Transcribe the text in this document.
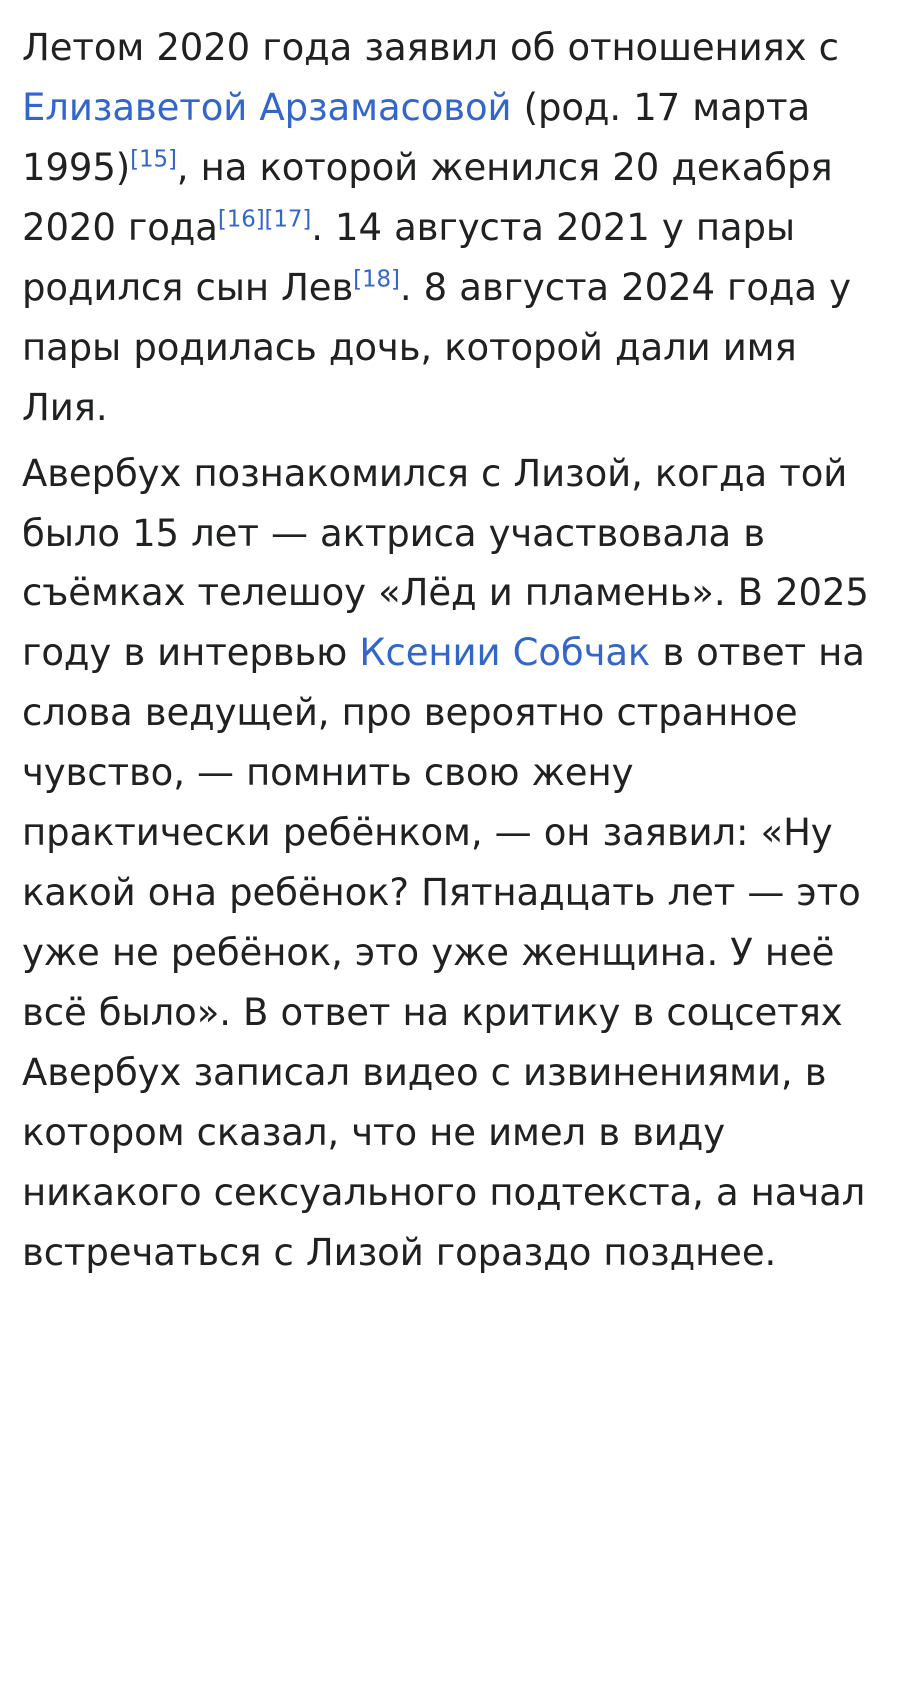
Летом 2020 года заявил об отношениях с Елизаветой Арзамасовой (род. 17 марта 1995)[15], на которой женился 20 декабря 2020 года[16][17]. 14 августа 2021 у пары родился сын Лев[18]. 8 августа 2024 года у пары родилась дочь, которой дали имя Лия.

Авербух познакомился с Лизой, когда той было 15 лет — актриса участвовала в съёмках телешоу «Лёд и пламень». В 2025 году в интервью Ксении Собчак в ответ на слова ведущей, про вероятно странное чувство, — помнить свою жену практически ребёнком, — он заявил: «Ну какой она ребёнок? Пятнадцать лет — это уже не ребёнок, это уже женщина. У неё всё было». В ответ на критику в соцсетях Авербух записал видео с извинениями, в котором сказал, что не имел в виду никакого сексуального подтекста, а начал встречаться с Лизой гораздо позднее.
